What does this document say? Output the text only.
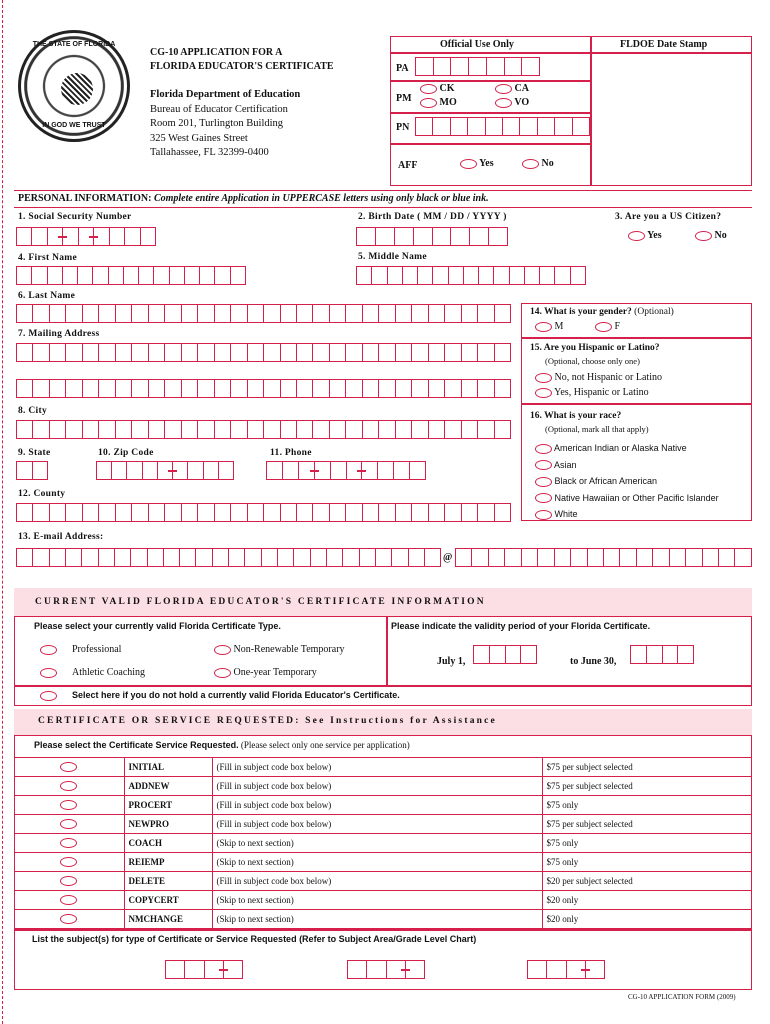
THE STATE OF FLORIDA
IN GOD WE TRUST
CG-10 APPLICATION FOR A
FLORIDA EDUCATOR'S CERTIFICATE
Florida Department of Education
Bureau of Educator Certification
Room 201, Turlington Building
325 West Gaines Street
Tallahassee, FL 32399-0400
Official Use Only	FLDOE Date Stamp
PA
PM
CK	CA
MO	VO
PN
AFF	Yes	No
PERSONAL INFORMATION: Complete entire Application in UPPERCASE letters using only black or blue ink.
1. Social Security Number	2. Birth Date ( MM / DD / YYYY )	3. Are you a US Citizen?
Yes	No
4. First Name	5. Middle Name
6. Last Name
7. Mailing Address
8. City
9. State	10. Zip Code	11. Phone
12. County
14. What is your gender? (Optional)
M	F
15. Are you Hispanic or Latino?
(Optional, choose only one)
No, not Hispanic or Latino
Yes, Hispanic or Latino
16. What is your race?
(Optional, mark all that apply)
American Indian or Alaska Native
Asian
Black or African American
Native Hawaiian or Other Pacific Islander
White
13. E-mail Address:
@
CURRENT VALID FLORIDA EDUCATOR'S CERTIFICATE INFORMATION
Please select your currently valid Florida Certificate Type.	Please indicate the validity period of your Florida Certificate.
Professional	Non-Renewable Temporary
Athletic Coaching	One-year Temporary
July 1,	to June 30,
Select here if you do not hold a currently valid Florida Educator's Certificate.
CERTIFICATE OR SERVICE REQUESTED: See Instructions for Assistance
Please select the Certificate Service Requested. (Please select only one service per application)
	INITIAL	(Fill in subject code box below)	$75 per subject selected
	ADDNEW	(Fill in subject code box below)	$75 per subject selected
	PROCERT	(Fill in subject code box below)	$75 only
	NEWPRO	(Fill in subject code box below)	$75 per subject selected
	COACH	(Skip to next section)	$75 only
	REIEMP	(Skip to next section)	$75 only
	DELETE	(Fill in subject code box below)	$20 per subject selected
	COPYCERT	(Skip to next section)	$20 only
	NMCHANGE	(Skip to next section)	$20 only
List the subject(s) for type of Certificate or Service Requested (Refer to Subject Area/Grade Level Chart)
CG-10 APPLICATION FORM (2009)
